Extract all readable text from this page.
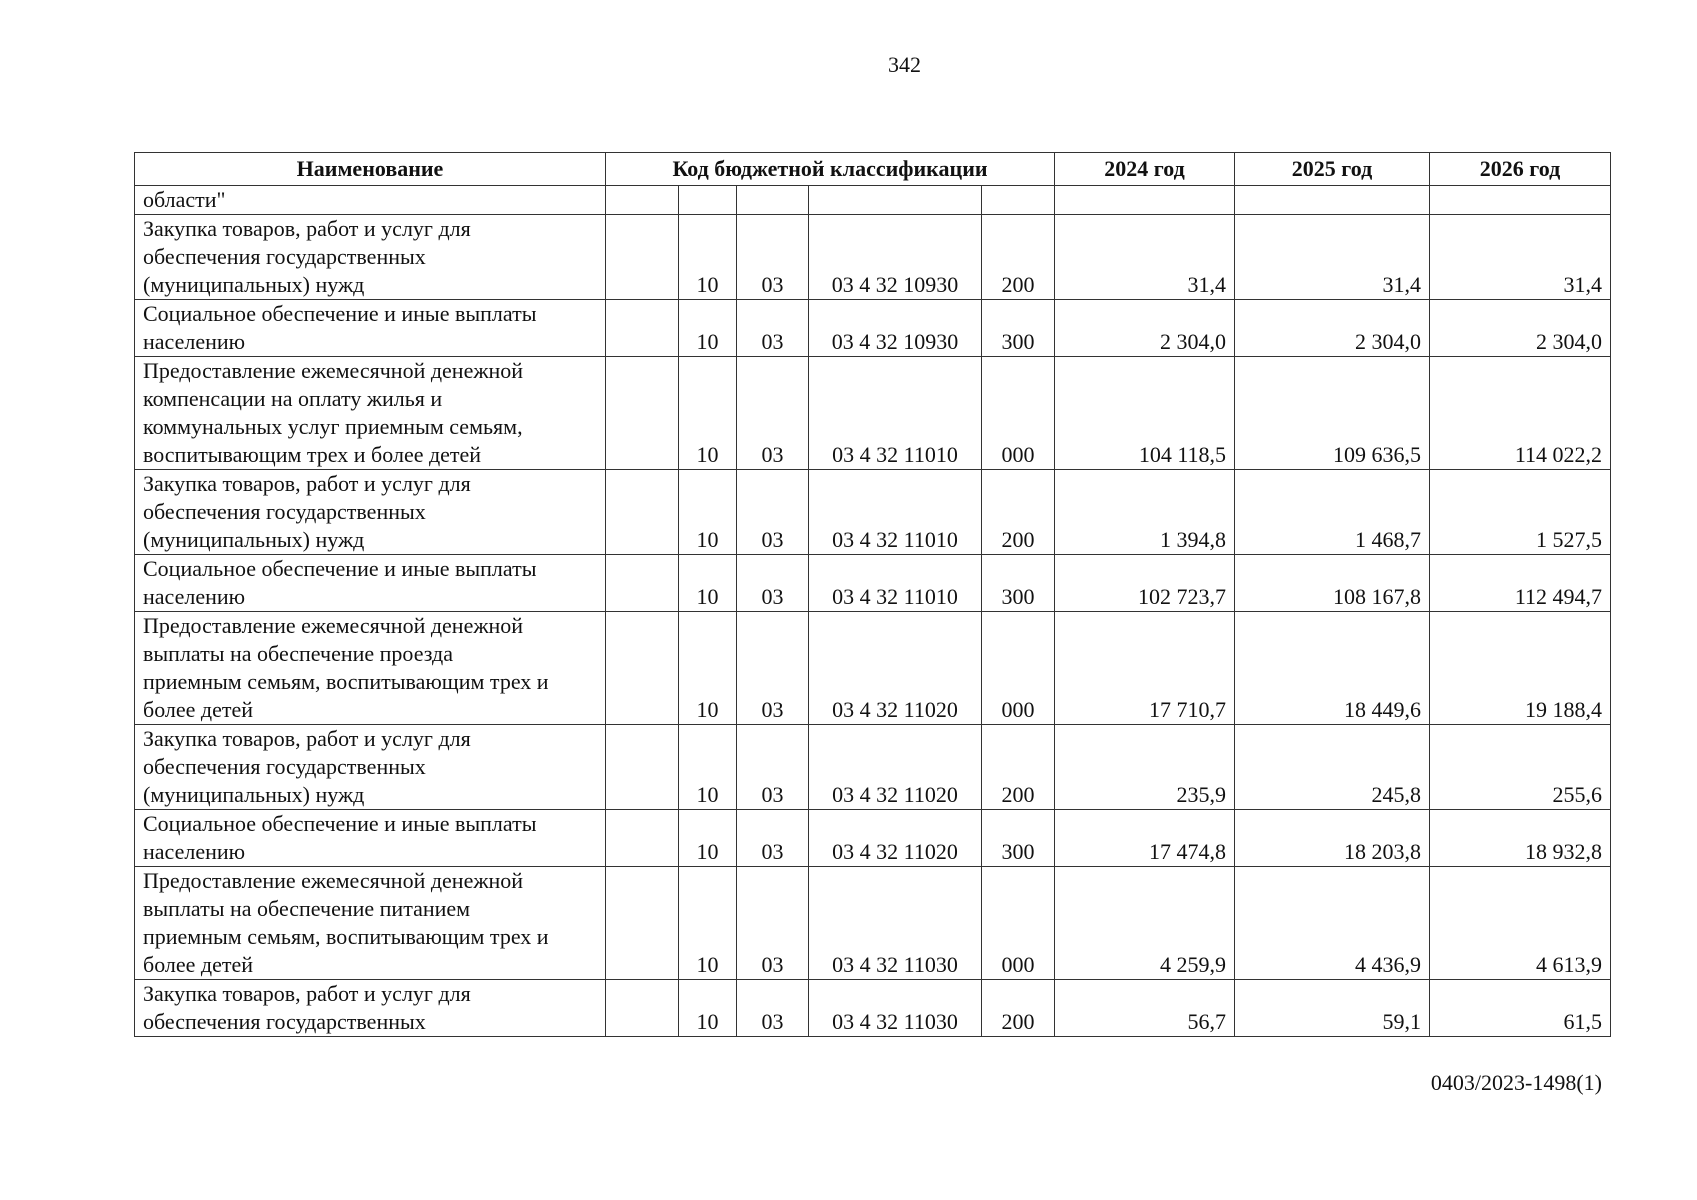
342
Наименование	Код бюджетной классификации					2024 год	2025 год	2026 год
области"								
Закупка товаров, работ и услуг для
обеспечения государственных
(муниципальных) нужд		10	03	03 4 32 10930	200	31,4	31,4	31,4
Социальное обеспечение и иные выплаты
населению		10	03	03 4 32 10930	300	2 304,0	2 304,0	2 304,0
Предоставление ежемесячной денежной
компенсации на оплату жилья и
коммунальных услуг приемным семьям,
воспитывающим трех и более детей		10	03	03 4 32 11010	000	104 118,5	109 636,5	114 022,2
Закупка товаров, работ и услуг для
обеспечения государственных
(муниципальных) нужд		10	03	03 4 32 11010	200	1 394,8	1 468,7	1 527,5
Социальное обеспечение и иные выплаты
населению		10	03	03 4 32 11010	300	102 723,7	108 167,8	112 494,7
Предоставление ежемесячной денежной
выплаты на обеспечение проезда
приемным семьям, воспитывающим трех и
более детей		10	03	03 4 32 11020	000	17 710,7	18 449,6	19 188,4
Закупка товаров, работ и услуг для
обеспечения государственных
(муниципальных) нужд		10	03	03 4 32 11020	200	235,9	245,8	255,6
Социальное обеспечение и иные выплаты
населению		10	03	03 4 32 11020	300	17 474,8	18 203,8	18 932,8
Предоставление ежемесячной денежной
выплаты на обеспечение питанием
приемным семьям, воспитывающим трех и
более детей		10	03	03 4 32 11030	000	4 259,9	4 436,9	4 613,9
Закупка товаров, работ и услуг для
обеспечения государственных		10	03	03 4 32 11030	200	56,7	59,1	61,5
0403/2023-1498(1)
